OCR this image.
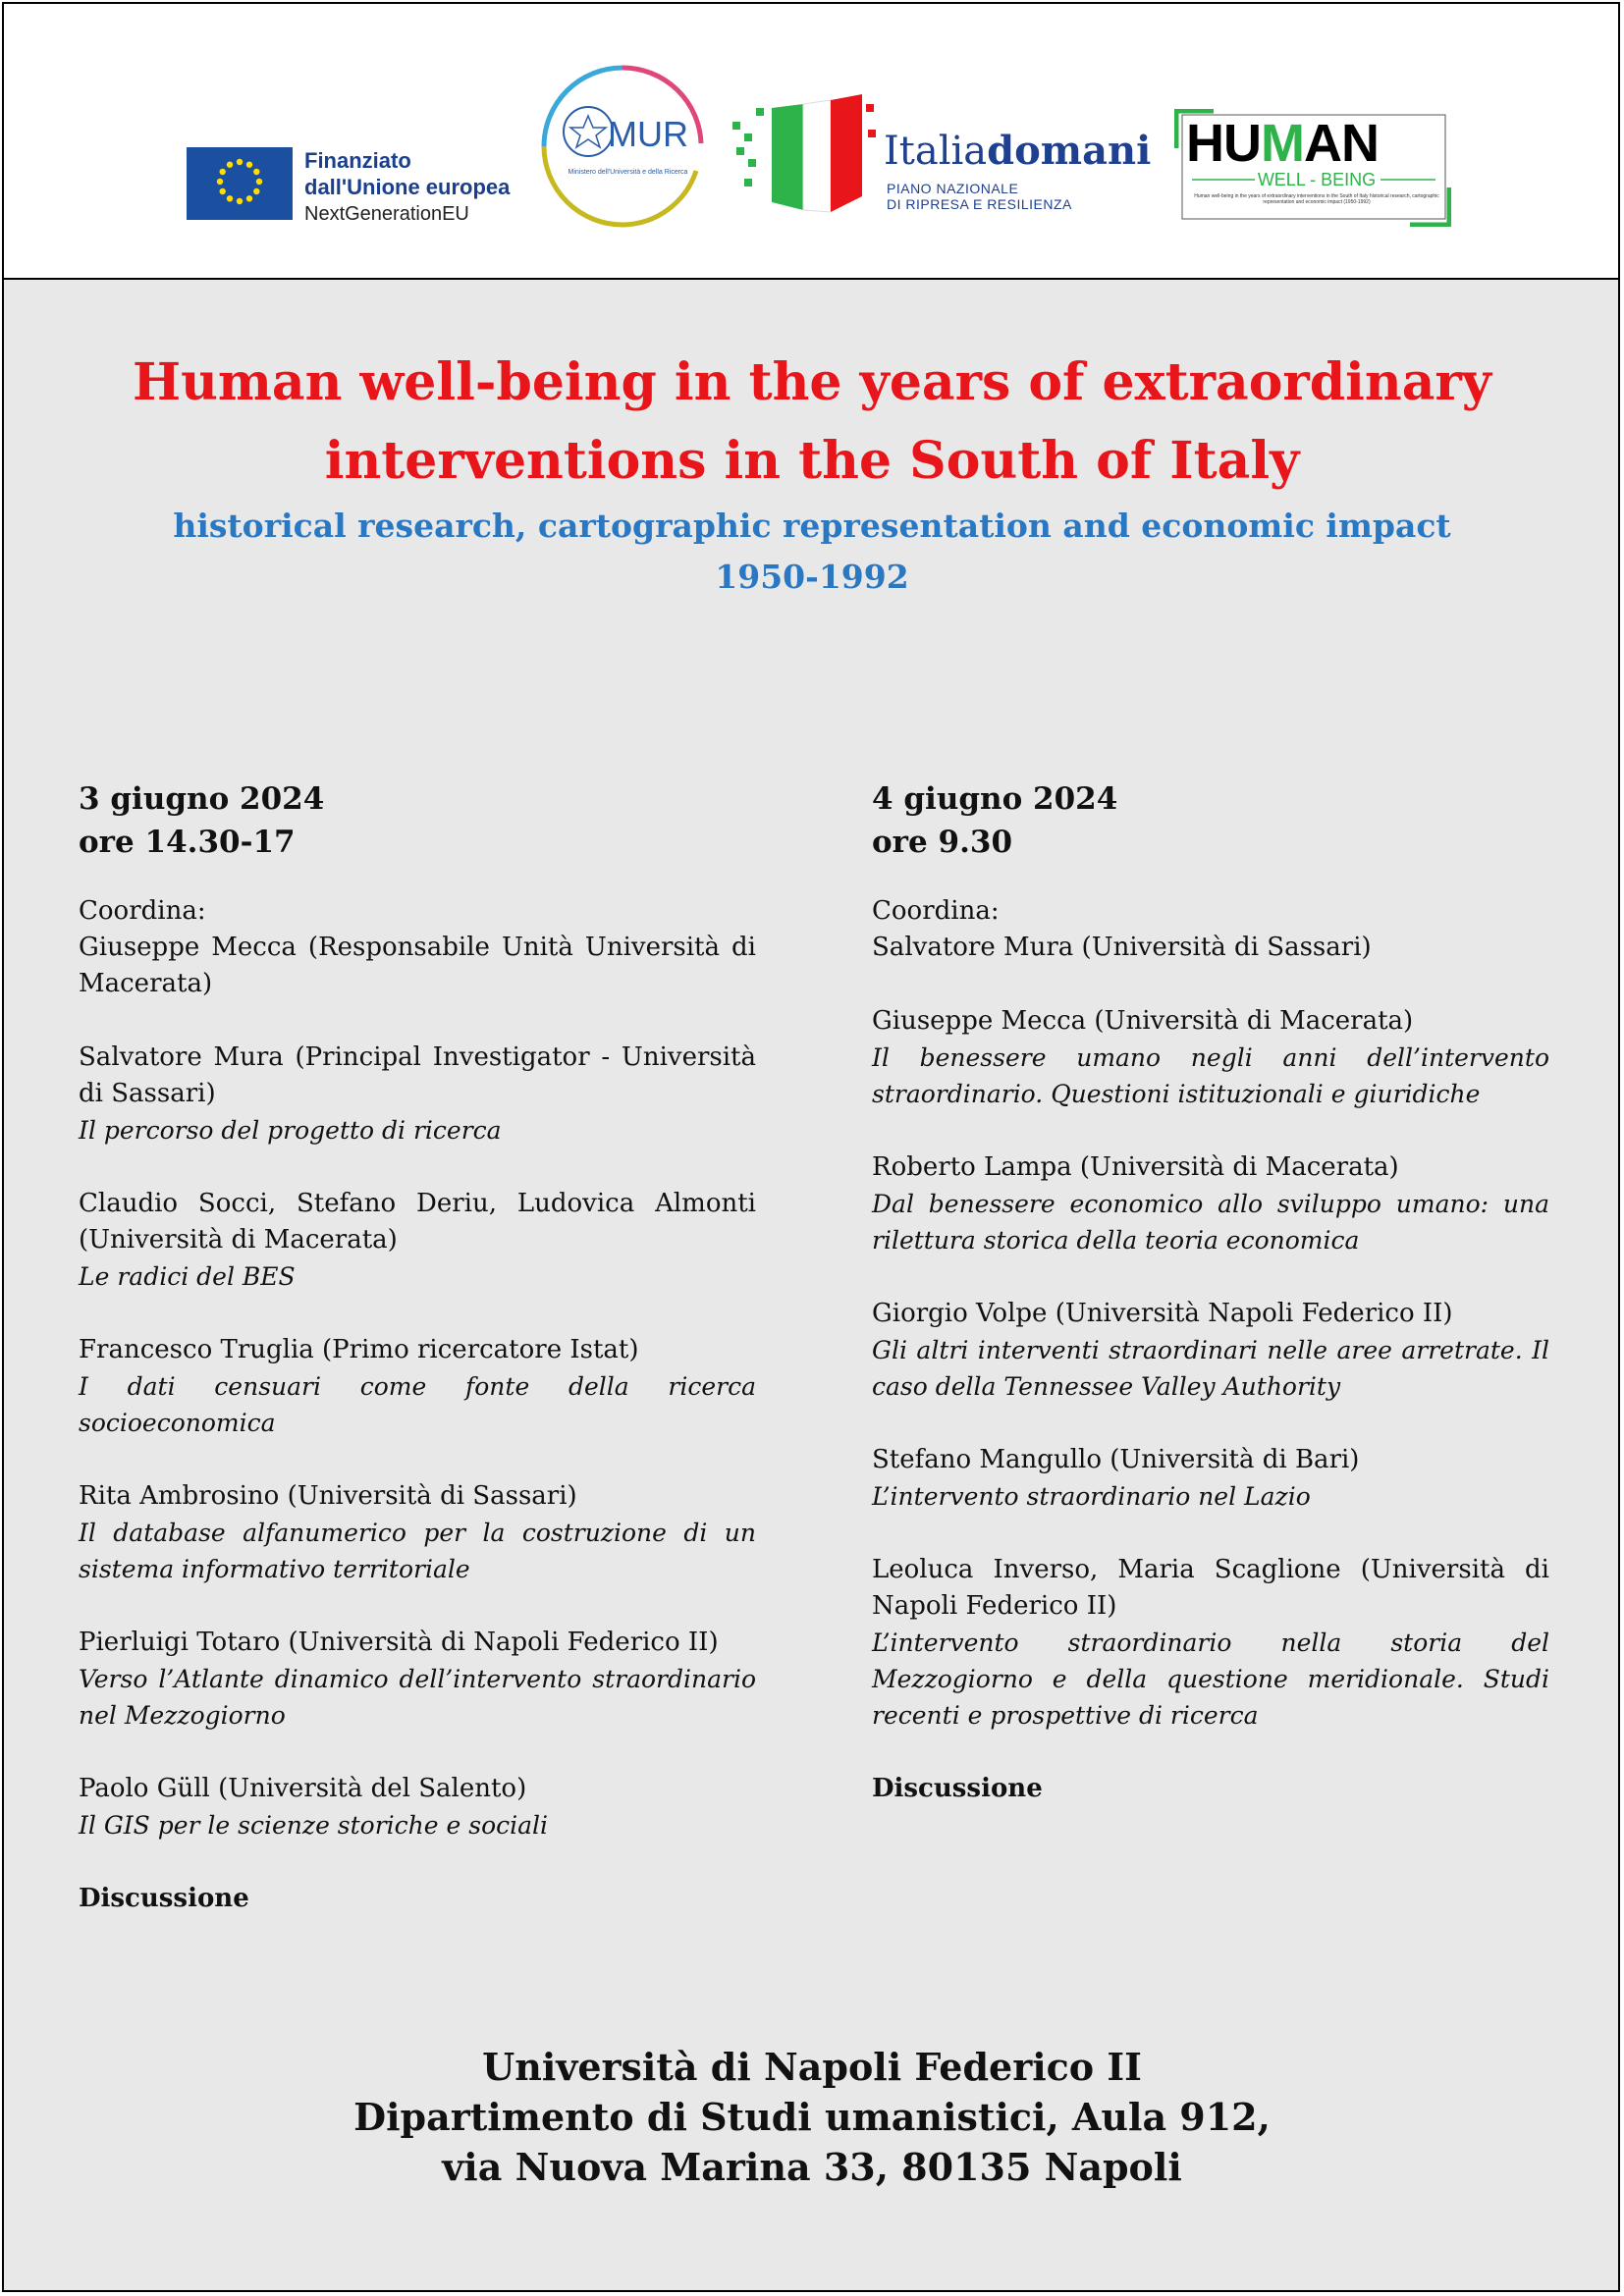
Finanziato
dall'Unione europea
NextGenerationEU
MUR
Ministero dell'Università e della Ricerca	Italiadomani
PIANO NAZIONALE
DI RIPRESA E RESILIENZA
HUMAN
WELL - BEING
Human well-being in the years of extraordinary interventions in the South of Italy historical research, cartographic representation and economic impact (1950-1992)
Human well-being in the years of extraordinary
interventions in the South of Italy
historical research, cartographic representation and economic impact
1950-1992
3 giugno 2024
ore 14.30-17
Coordina:
Giuseppe Mecca (Responsabile Unità Università di Macerata)
Salvatore Mura (Principal Investigator - Università di Sassari)
Il percorso del progetto di ricerca
Claudio Socci, Stefano Deriu, Ludovica Almonti (Università di Macerata)
Le radici del BES
Francesco Truglia (Primo ricercatore Istat)
I dati censuari come fonte della ricerca socioeconomica
Rita Ambrosino (Università di Sassari)
Il database alfanumerico per la costruzione di un sistema informativo territoriale
Pierluigi Totaro (Università di Napoli Federico II)
Verso l’Atlante dinamico dell’intervento straordinario nel Mezzogiorno
Paolo Güll (Università del Salento)
Il GIS per le scienze storiche e sociali
Discussione
4 giugno 2024
ore 9.30
Coordina:
Salvatore Mura (Università di Sassari)
Giuseppe Mecca (Università di Macerata)
Il benessere umano negli anni dell’intervento straordinario. Questioni istituzionali e giuridiche
Roberto Lampa (Università di Macerata)
Dal benessere economico allo sviluppo umano: una rilettura storica della teoria economica
Giorgio Volpe (Università Napoli Federico II)
Gli altri interventi straordinari nelle aree arretrate. Il caso della Tennessee Valley Authority
Stefano Mangullo (Università di Bari)
L’intervento straordinario nel Lazio
Leoluca Inverso, Maria Scaglione (Università di Napoli Federico II)
L’intervento straordinario nella storia del Mezzogiorno e della questione meridionale. Studi recenti e prospettive di ricerca
Discussione
Università di Napoli Federico II
Dipartimento di Studi umanistici, Aula 912,
via Nuova Marina 33, 80135 Napoli
